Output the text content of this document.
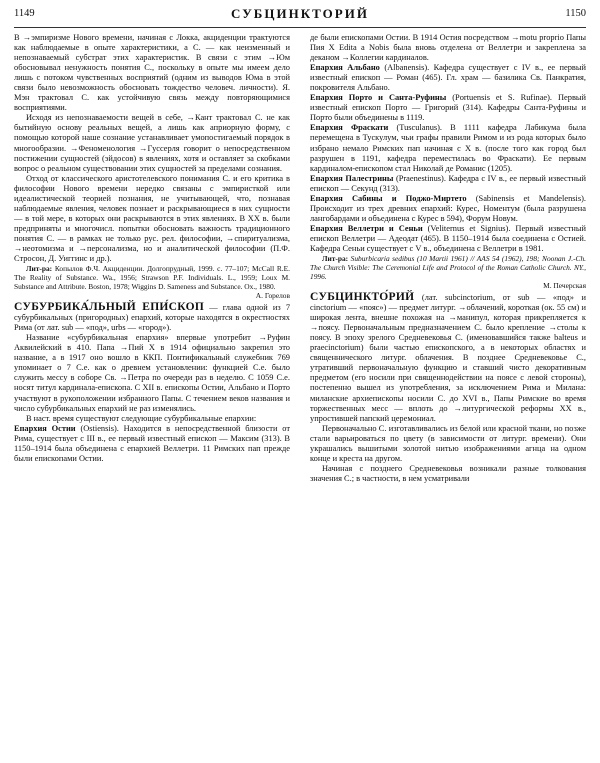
1149	СУБЦИНКТОРИЙ	1150

В →эмпиризме Нового времени, начиная с Локка, акциденции трактуются как наблюдаемые в опыте характеристики, а С. — как неизменный и непознаваемый субстрат этих характеристик. В связи с этим →Юм обосновывал ненужность понятия С., поскольку в опыте мы имеем дело лишь с потоком чувственных восприятий (одним из выводов Юма в этой связи было невозможность обосновать тождество человеч. личности). Я. Мэн трактовал С. как устойчивую связь между повторяющимися восприятиями.

Исходя из непознаваемости вещей в себе, →Кант трактовал С. не как бытийную основу реальных вещей, а лишь как априорную форму, с помощью которой наше сознание устанавливает умопостигаемый порядок в многообразии. →Феноменология →Гуссерля говорит о непосредственном постижении сущностей (эйдосов) в явлениях, хотя и оставляет за скобками вопрос о реальном существовании этих сущностей за пределами сознания.

Отход от классического аристотелевского понимания С. и его критика в философии Нового времени нередко связаны с эмпиристкой или идеалистической теорией познания, не учитывающей, что, познавая наблюдаемые явления, человек познает и раскрывающиеся в них сущности — в той мере, в которых они раскрываются в этих явлениях. В XX в. были предприняты и многочисл. попытки обосновать важность традиционного понятия С. — в рамках не только рус. рел. философии, →спиритуализма, →неотомизма и →персонализма, но и аналитической философии (П.Ф. Стросон, Д. Уиггинс и др.).

Лит-ра: Копылов Ф.Ч. Акциденции. Долгопрудный, 1999. с. 77–107; McCall R.E. The Reality of Substance. Wa., 1956; Strawson P.F. Individuals. L., 1959; Loux M. Substance and Attribute. Boston, 1978; Wiggins D. Sameness and Substance. Ox., 1980.

А. Горелов

СУБУРБИКА́ЛЬНЫЙ ЕПИ́СКОП — глава одной из 7 субурбикальных (пригородных) епархий, которые находятся в окрестностях Рима (от лат. sub — «под», urbs — «город»).

Название «субурбикальная епархия» впервые употребит →Руфин Аквилейский в 410. Папа →Пий X в 1914 официально закрепил это название, а в 1917 оно вошло в ККП. Понтификальный служебник 769 упоминает о 7 С.е. как о древнем установлении: функцией С.е. было служить мессу в соборе Св. →Петра по очереди раз в неделю. С 1059 С.е. носят титул кардинала-епископа. С XII в. епископы Остии, Альбано и Порто участвуют в рукоположении избранного Папы. С течением веков названия и число субурбикальных епархий не раз изменялись.

В наст. время существуют следующие субурбикальные епархии:

Епархия Остии (Ostiensis). Находится в непосредственной близости от Рима, существует с III в., ее первый известный епископ — Максим (313). В 1150–1914 была объединена с епархией Веллетри. 11 Римских пап прежде были епископами Остии.

де были епископами Остии. В 1914 Остия посредством →motu proprio Папы Пия X Edita a Nobis была вновь отделена от Веллетри и закреплена за деканом →Коллегии кардиналов.

Епархия Альбано (Albanensis). Кафедра существует с IV в., ее первый известный епископ — Роман (465). Гл. храм — базилика Св. Панкратия, покровителя Альбано.

Епархия Порто и Санта-Руфины (Portuensis et S. Rufinae). Первый известный епископ Порто — Григорий (314). Кафедры Санта-Руфины и Порто были объединены в 1119.

Епархия Фраскати (Tusculanus). В 1111 кафедра Лабикума была перемещена в Тускулум, чьи графы правили Римом и из рода которых было избрано немало Римских пап начиная с X в. (после того как город был разрушен в 1191, кафедра переместилась во Фраскати). Ее первым кардиналом-епископом стал Николай де Романис (1205).

Епархия Палестрины (Praenestinus). Кафедра с IV в., ее первый известный епископ — Секунд (313).

Епархия Сабины и Поджо-Миртето (Sabinensis et Mandelensis). Происходит из трех древних епархий: Курес, Номентум (была разрушена лангобардами и объединена с Курес в 594), Форум Новум.

Епархия Веллетри и Сеньи (Veliternus et Signius). Первый известный епископ Веллетри — Адеодат (465). В 1150–1914 была соединена с Остией. Кафедра Сеньи существует с V в., объединена с Веллетри в 1981.

Лит-ра: Suburbicaria sedibus (10 Martii 1961) // AAS 54 (1962), 198; Noonan J.-Ch. The Church Visible: The Ceremonial Life and Protocol of the Roman Catholic Church. NY., 1996.

М. Печерская

СУБЦИНКТО́РИЙ (лат. subcinctorium, от sub — «под» и cinctorium — «пояс») — предмет литург. →облачений, короткая (ок. 55 см) и широкая лента, внешне похожая на →манипул, которая прикрепляется к →поясу. Первоначальным предназначением С. было крепление →столы к поясу. В эпоху зрелого Средневековья С. (именовавшийся также balteus и praecinctorium) были частью епископского, а в некоторых областях и священнического литург. облачения. В позднее Средневековье С., утративший первоначальную функцию и ставший чисто декоративным предметом (его носили при священнодействии на поясе с левой стороны), постепенно вышел из употребления, за исключением Рима и Милана: миланские архиепископы носили С. до XVI в., Папы Римские во время торжественных месс — вплоть до →литургической реформы XX в., упростившей папский церемониал.

Первоначально С. изготавливались из белой или красной ткани, но позже стали варьироваться по цвету (в зависимости от литург. времени). Они украшались вышитыми золотой нитью изображениями агнца на одном конце и креста на другом.

Начиная с позднего Средневековья возникали разные толкования значения С.; в частности, в нем усматривали
